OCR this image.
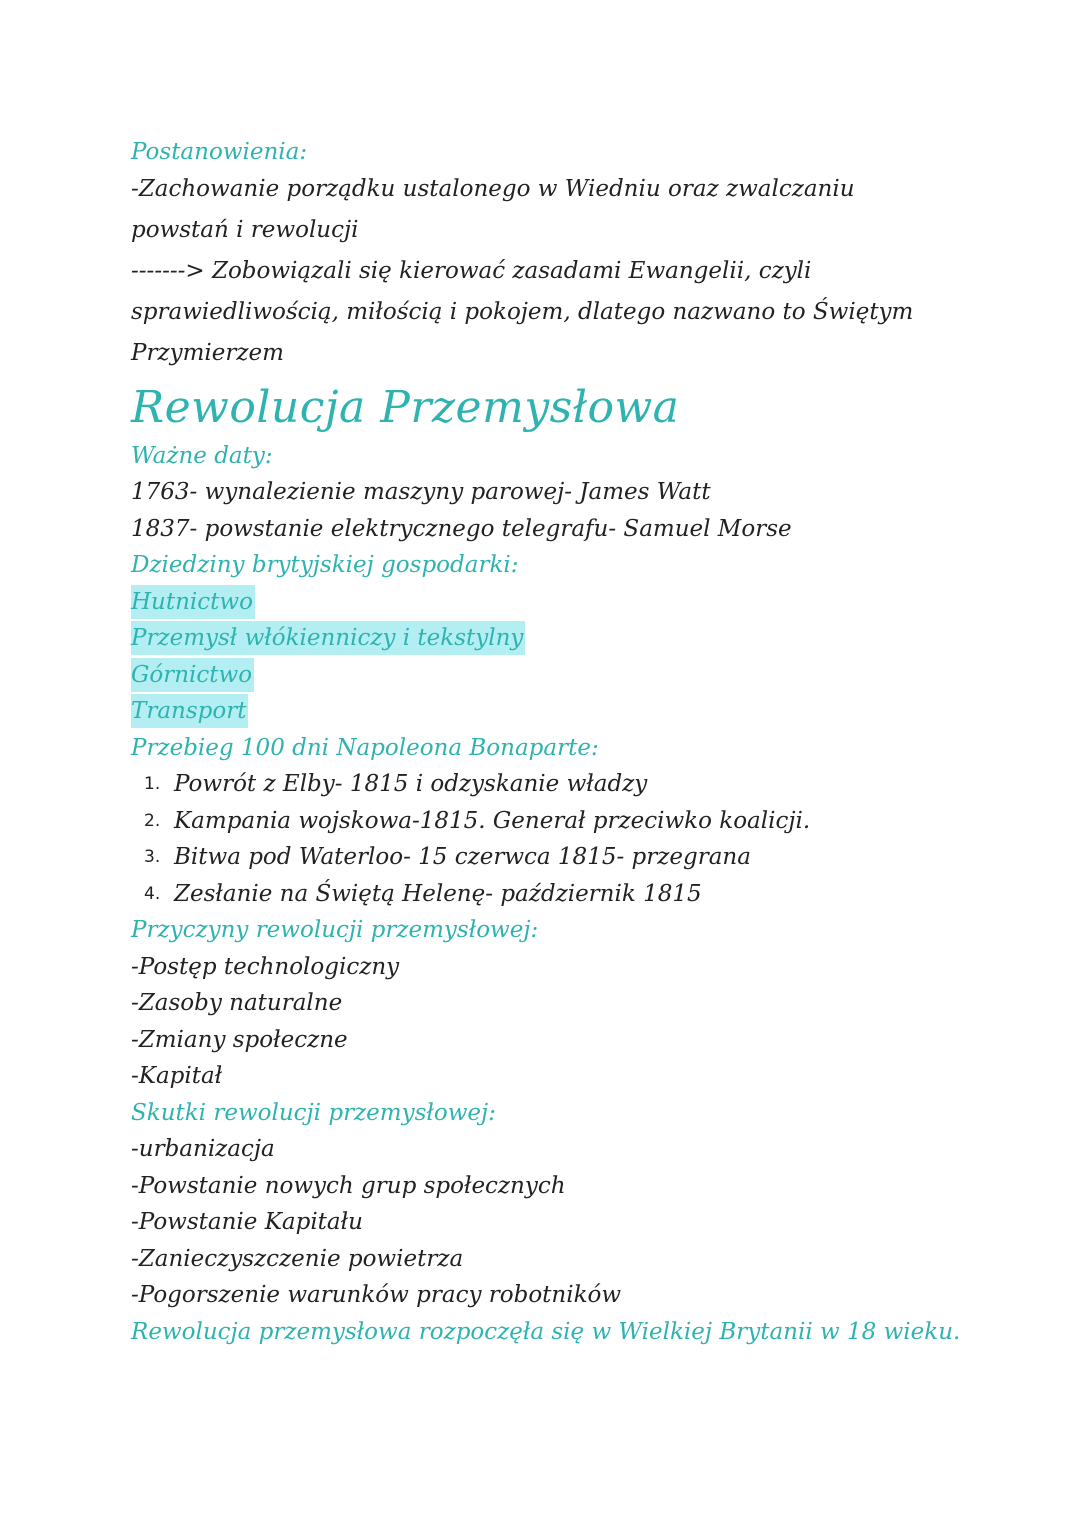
Postanowienia:
-Zachowanie porządku ustalonego w Wiedniu oraz zwalczaniu powstań i rewolucji
-------> Zobowiązali się kierować zasadami Ewangelii, czyli sprawiedliwością, miłością i pokojem, dlatego nazwano to Świętym Przymierzem
Rewolucja Przemysłowa
Ważne daty:
1763- wynalezienie maszyny parowej- James Watt
1837- powstanie elektrycznego telegrafu- Samuel Morse
Dziedziny brytyjskiej gospodarki:
Hutnictwo
Przemysł włókienniczy i tekstylny
Górnictwo
Transport
Przebieg 100 dni Napoleona Bonaparte:
1. Powrót z Elby- 1815 i odzyskanie władzy
2. Kampania wojskowa-1815. Generał przeciwko koalicji.
3. Bitwa pod Waterloo- 15 czerwca 1815- przegrana
4. Zesłanie na Świętą Helenę- październik 1815
Przyczyny rewolucji przemysłowej:
-Postęp technologiczny
-Zasoby naturalne
-Zmiany społeczne
-Kapitał
Skutki rewolucji przemysłowej:
-urbanizacja
-Powstanie nowych grup społecznych
-Powstanie Kapitału
-Zanieczyszczenie powietrza
-Pogorszenie warunków pracy robotników
Rewolucja przemysłowa rozpoczęła się w Wielkiej Brytanii w 18 wieku.
